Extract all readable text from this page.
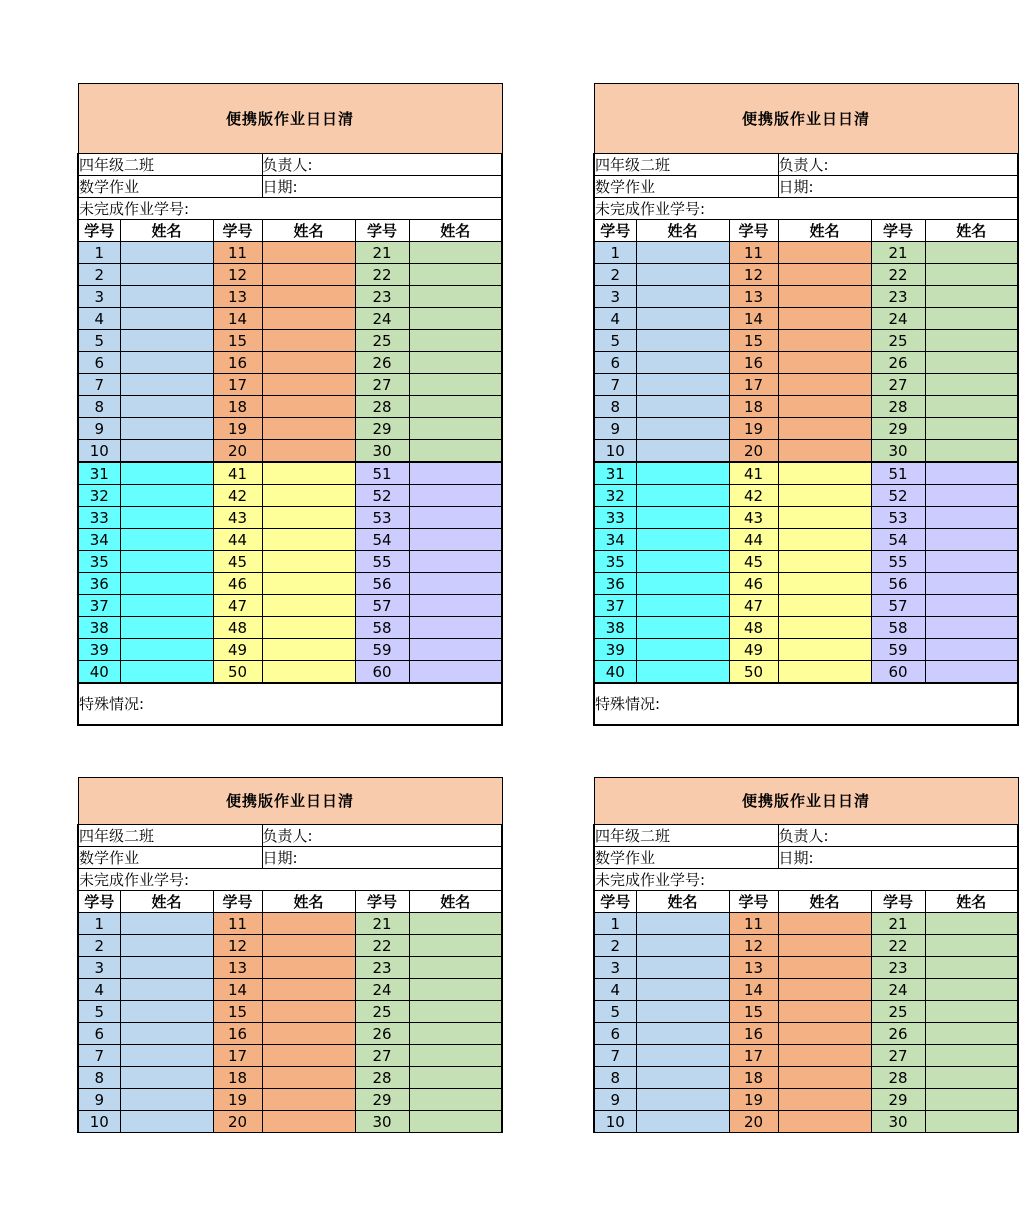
便携版作业日日清					
四年级二班			负责人:		
数学作业			日期:		
未完成作业学号:					
学号	姓名	学号	姓名	学号	姓名
1		11		21	
2		12		22	
3		13		23	
4		14		24	
5		15		25	
6		16		26	
7		17		27	
8		18		28	
9		19		29	
10		20		30	
31		41		51	
32		42		52	
33		43		53	
34		44		54	
35		45		55	
36		46		56	
37		47		57	
38		48		58	
39		49		59	
40		50		60	
特殊情况:					
便携版作业日日清					
四年级二班			负责人:		
数学作业			日期:		
未完成作业学号:					
学号	姓名	学号	姓名	学号	姓名
1		11		21	
2		12		22	
3		13		23	
4		14		24	
5		15		25	
6		16		26	
7		17		27	
8		18		28	
9		19		29	
10		20		30	
31		41		51	
32		42		52	
33		43		53	
34		44		54	
35		45		55	
36		46		56	
37		47		57	
38		48		58	
39		49		59	
40		50		60	
特殊情况:					
便携版作业日日清					
四年级二班			负责人:		
数学作业			日期:		
未完成作业学号:					
学号	姓名	学号	姓名	学号	姓名
1		11		21	
2		12		22	
3		13		23	
4		14		24	
5		15		25	
6		16		26	
7		17		27	
8		18		28	
9		19		29	
10		20		30	
便携版作业日日清					
四年级二班			负责人:		
数学作业			日期:		
未完成作业学号:					
学号	姓名	学号	姓名	学号	姓名
1		11		21	
2		12		22	
3		13		23	
4		14		24	
5		15		25	
6		16		26	
7		17		27	
8		18		28	
9		19		29	
10		20		30	
